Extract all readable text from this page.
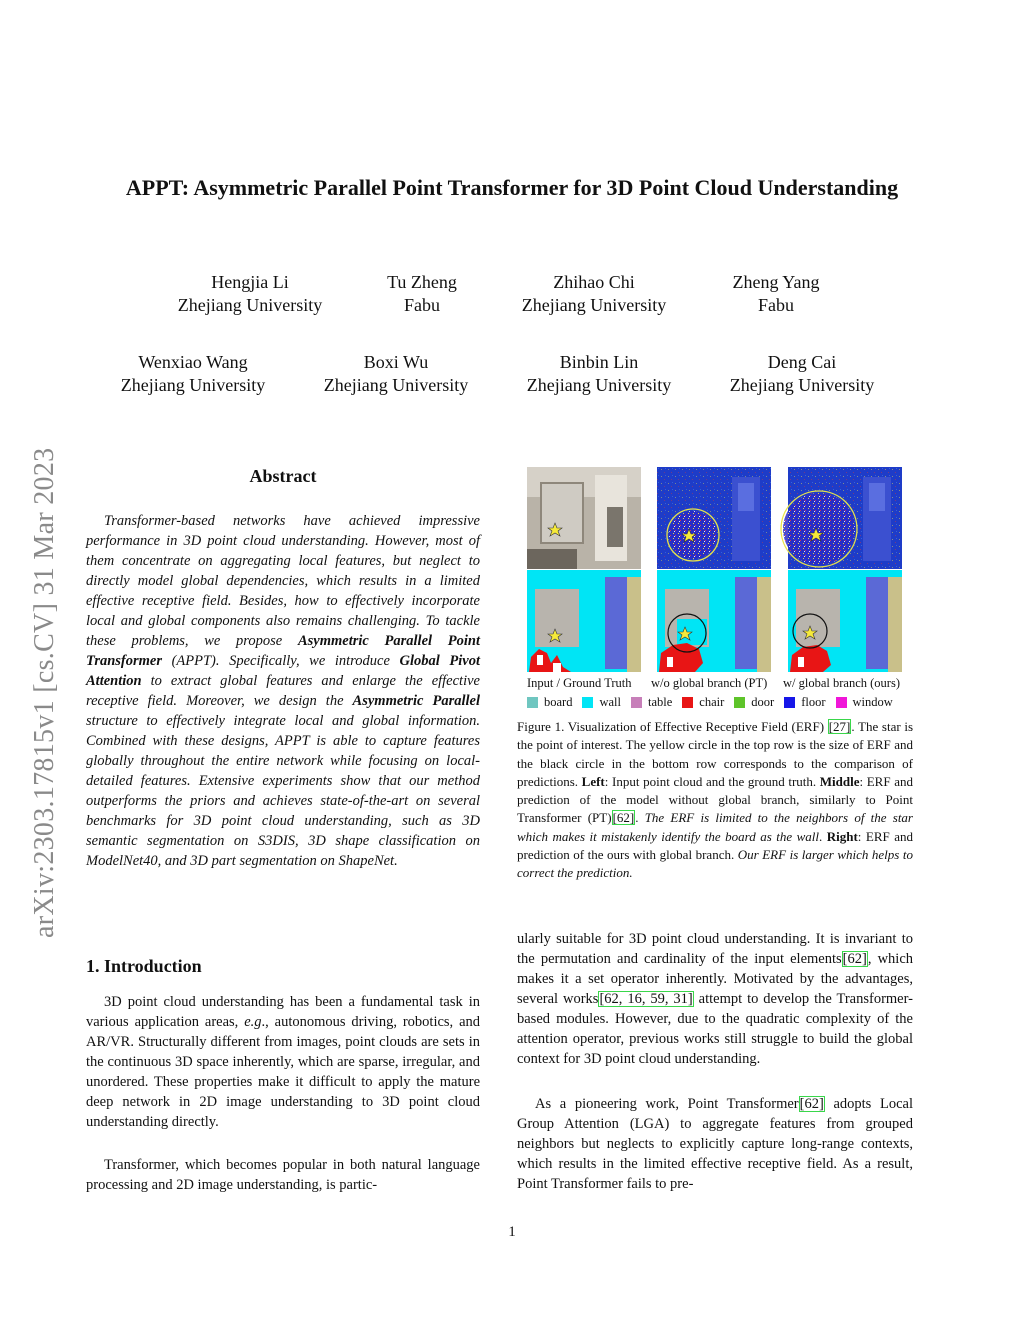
arXiv:2303.17815v1 [cs.CV] 31 Mar 2023
APPT: Asymmetric Parallel Point Transformer for 3D Point Cloud Understanding
Hengjia Li
Zhejiang University
Tu Zheng
Fabu
Zhihao Chi
Zhejiang University
Zheng Yang
Fabu
Wenxiao Wang
Zhejiang University
Boxi Wu
Zhejiang University
Binbin Lin
Zhejiang University
Deng Cai
Zhejiang University
Abstract

Transformer-based networks have achieved impressive performance in 3D point cloud understanding. However, most of them concentrate on aggregating local features, but neglect to directly model global dependencies, which results in a limited effective receptive field. Besides, how to effectively incorporate local and global components also remains challenging. To tackle these problems, we propose Asymmetric Parallel Point Transformer (APPT). Specifically, we introduce Global Pivot Attention to extract global features and enlarge the effective receptive field. Moreover, we design the Asymmetric Parallel structure to effectively integrate local and global information. Combined with these designs, APPT is able to capture features globally throughout the entire network while focusing on local-detailed features. Extensive experiments show that our method outperforms the priors and achieves state-of-the-art on several benchmarks for 3D point cloud understanding, such as 3D semantic segmentation on S3DIS, 3D shape classification on ModelNet40, and 3D part segmentation on ShapeNet.

1. Introduction

3D point cloud understanding has been a fundamental task in various application areas, e.g., autonomous driving, robotics, and AR/VR. Structurally different from images, point clouds are sets in the continuous 3D space inherently, which are sparse, irregular, and unordered. These properties make it difficult to apply the mature deep network in 2D image understanding to 3D point cloud understanding directly.

Transformer, which becomes popular in both natural language processing and 2D image understanding, is partic-

ularly suitable for 3D point cloud understanding. It is invariant to the permutation and cardinality of the input elements[62], which makes it a set operator inherently. Motivated by the advantages, several works[62, 16, 59, 31] attempt to develop the Transformer-based modules. However, due to the quadratic complexity of the attention operator, previous works still struggle to build the global context for 3D point cloud understanding.

As a pioneering work, Point Transformer[62] adopts Local Group Attention (LGA) to aggregate features from grouped neighbors but neglects to explicitly capture long-range contexts, which results in the limited effective receptive field. As a result, Point Transformer fails to pre-

Input / Ground Truth w/o global branch (PT) w/ global branch (ours)
board wall table chair door floor window

Figure 1. Visualization of Effective Receptive Field (ERF) [27]. The star is the point of interest. The yellow circle in the top row is the size of ERF and the black circle in the bottom row corresponds to the comparison of predictions. Left: Input point cloud and the ground truth. Middle: ERF and prediction of the model without global branch, similarly to Point Transformer (PT)[62]. The ERF is limited to the neighbors of the star which makes it mistakenly identify the board as the wall. Right: ERF and prediction of the ours with global branch. Our ERF is larger which helps to correct the prediction.

1
